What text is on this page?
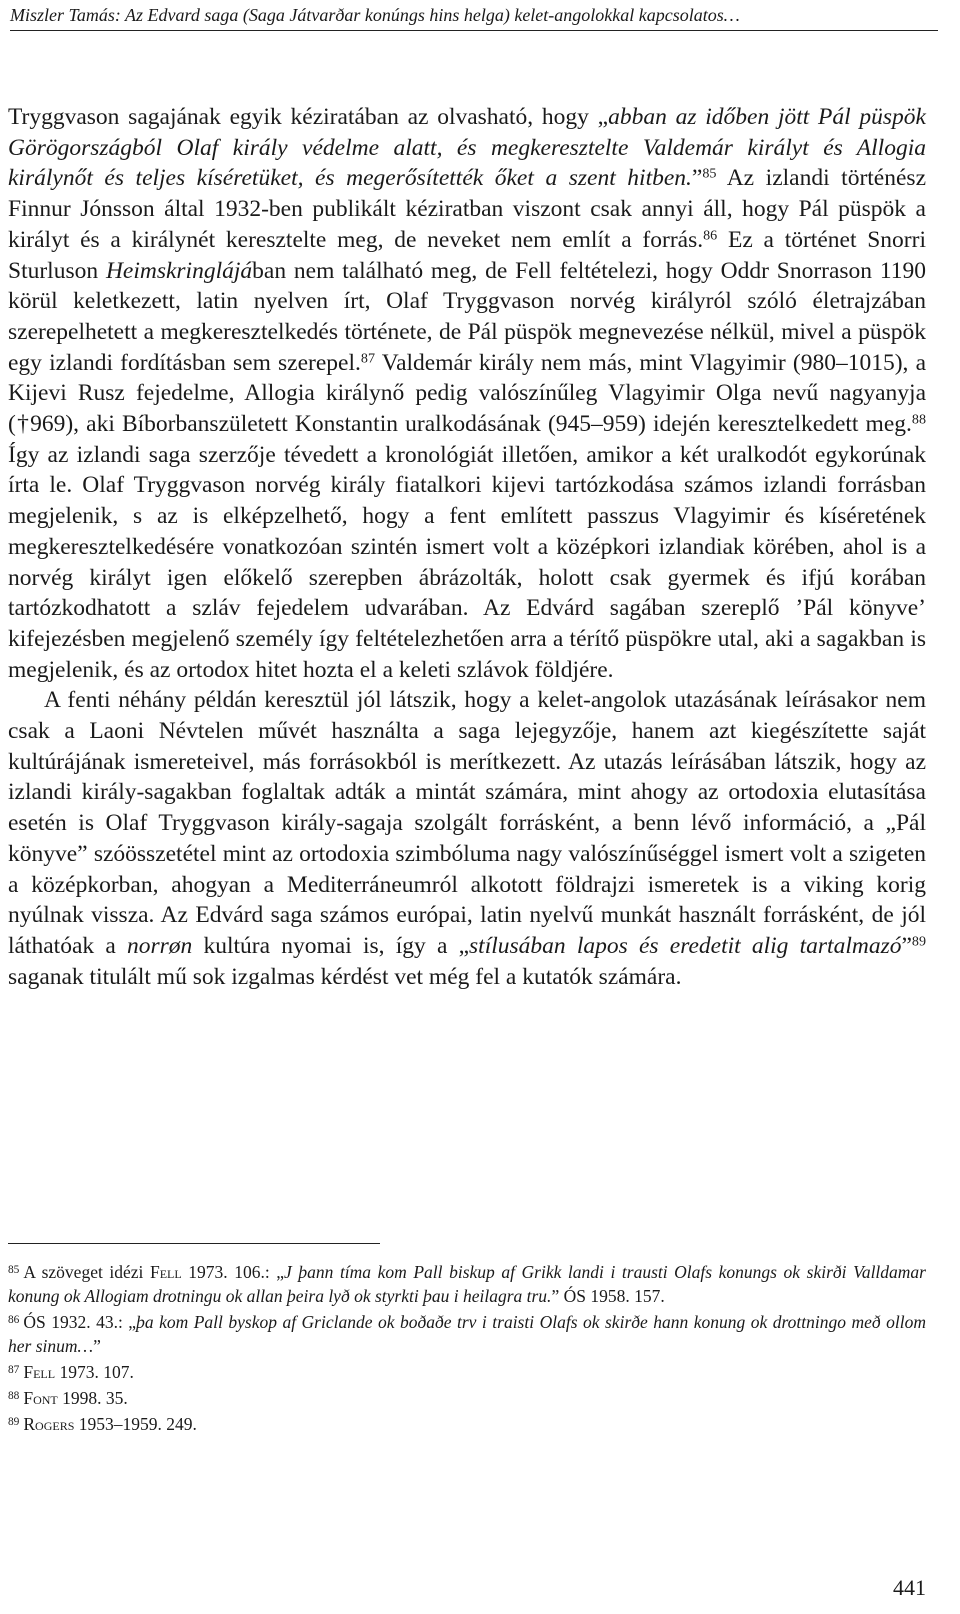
Miszler Tamás: Az Edvard saga (Saga Játvarðar konúngs hins helga) kelet-angolokkal kapcsolatos…

Tryggvason sagajának egyik kéziratában az olvasható, hogy „abban az időben jött Pál püspök Görögországból Olaf király védelme alatt, és megkeresztelte Valdemár királyt és Allogia királynőt és teljes kíséretüket, és megerősítették őket a szent hitben.”$^{85}$ Az izlandi történész Finnur Jónsson által 1932-ben publikált kéziratban viszont csak annyi áll, hogy Pál püspök a királyt és a királynét keresztelte meg, de neveket nem említ a forrás.$^{86}$ Ez a történet Snorri Sturluson Heimskringlájában nem található meg, de Fell feltételezi, hogy Oddr Snorrason 1190 körül keletkezett, latin nyelven írt, Olaf Tryggvason norvég királyról szóló életrajzában szerepelhetett a megkeresztelkedés története, de Pál püspök megnevezése nélkül, mivel a püspök egy izlandi fordításban sem szerepel.$^{87}$ Valdemár király nem más, mint Vlagyimir (980–1015), a Kijevi Rusz fejedelme, Allogia királynő pedig valószínűleg Vlagyimir Olga nevű nagyanyja (†969), aki Bíborbanszületett Konstantin uralkodásának (945–959) idején keresztelkedett meg.$^{88}$ Így az izlandi saga szerzője tévedett a kronológiát illetően, amikor a két uralkodót egykorúnak írta le. Olaf Tryggvason norvég király fiatalkori kijevi tartózkodása számos izlandi forrásban megjelenik, s az is elképzelhető, hogy a fent említett passzus Vlagyimir és kíséretének megkeresztelkedésére vonatkozóan szintén ismert volt a középkori izlandiak körében, ahol is a norvég királyt igen előkelő szerepben ábrázolták, holott csak gyermek és ifjú korában tartózkodhatott a szláv fejedelem udvarában. Az Edvárd sagában szereplő ’Pál könyve’ kifejezésben megjelenő személy így feltételezhetően arra a térítő püspökre utal, aki a sagakban is megjelenik, és az ortodox hitet hozta el a keleti szlávok földjére.

A fenti néhány példán keresztül jól látszik, hogy a kelet-angolok utazásának leírásakor nem csak a Laoni Névtelen művét használta a saga lejegyzője, hanem azt kiegészítette saját kultúrájának ismereteivel, más forrásokból is merítkezett. Az utazás leírásában látszik, hogy az izlandi király-sagakban foglaltak adták a mintát számára, mint ahogy az ortodoxia elutasítása esetén is Olaf Tryggvason király-sagaja szolgált forrásként, a benn lévő információ, a „Pál könyve” szóösszetétel mint az ortodoxia szimbóluma nagy valószínűséggel ismert volt a szigeten a középkorban, ahogyan a Mediterráneumról alkotott földrajzi ismeretek is a viking korig nyúlnak vissza. Az Edvárd saga számos európai, latin nyelvű munkát használt forrásként, de jól láthatóak a norrøn kultúra nyomai is, így a „stílusában lapos és eredetit alig tartalmazó”$^{89}$ saganak titulált mű sok izgalmas kérdést vet még fel a kutatók számára.

$^{85}$ A szöveget idézi Fell 1973. 106.: „J þann tíma kom Pall biskup af Grikk landi i trausti Olafs konungs ok skirði Valldamar konung ok Allogiam drotningu ok allan þeira lyð ok styrkti þau i heilagra tru.” ÓS 1958. 157.

$^{86}$ ÓS 1932. 43.: „þa kom Pall byskop af Griclande ok boðaðe trv i traisti Olafs ok skirðe hann konung ok drottningo með ollom her sinum…”

$^{87}$ Fell 1973. 107.

$^{88}$ Font 1998. 35.

$^{89}$ Rogers 1953–1959. 249.

441
